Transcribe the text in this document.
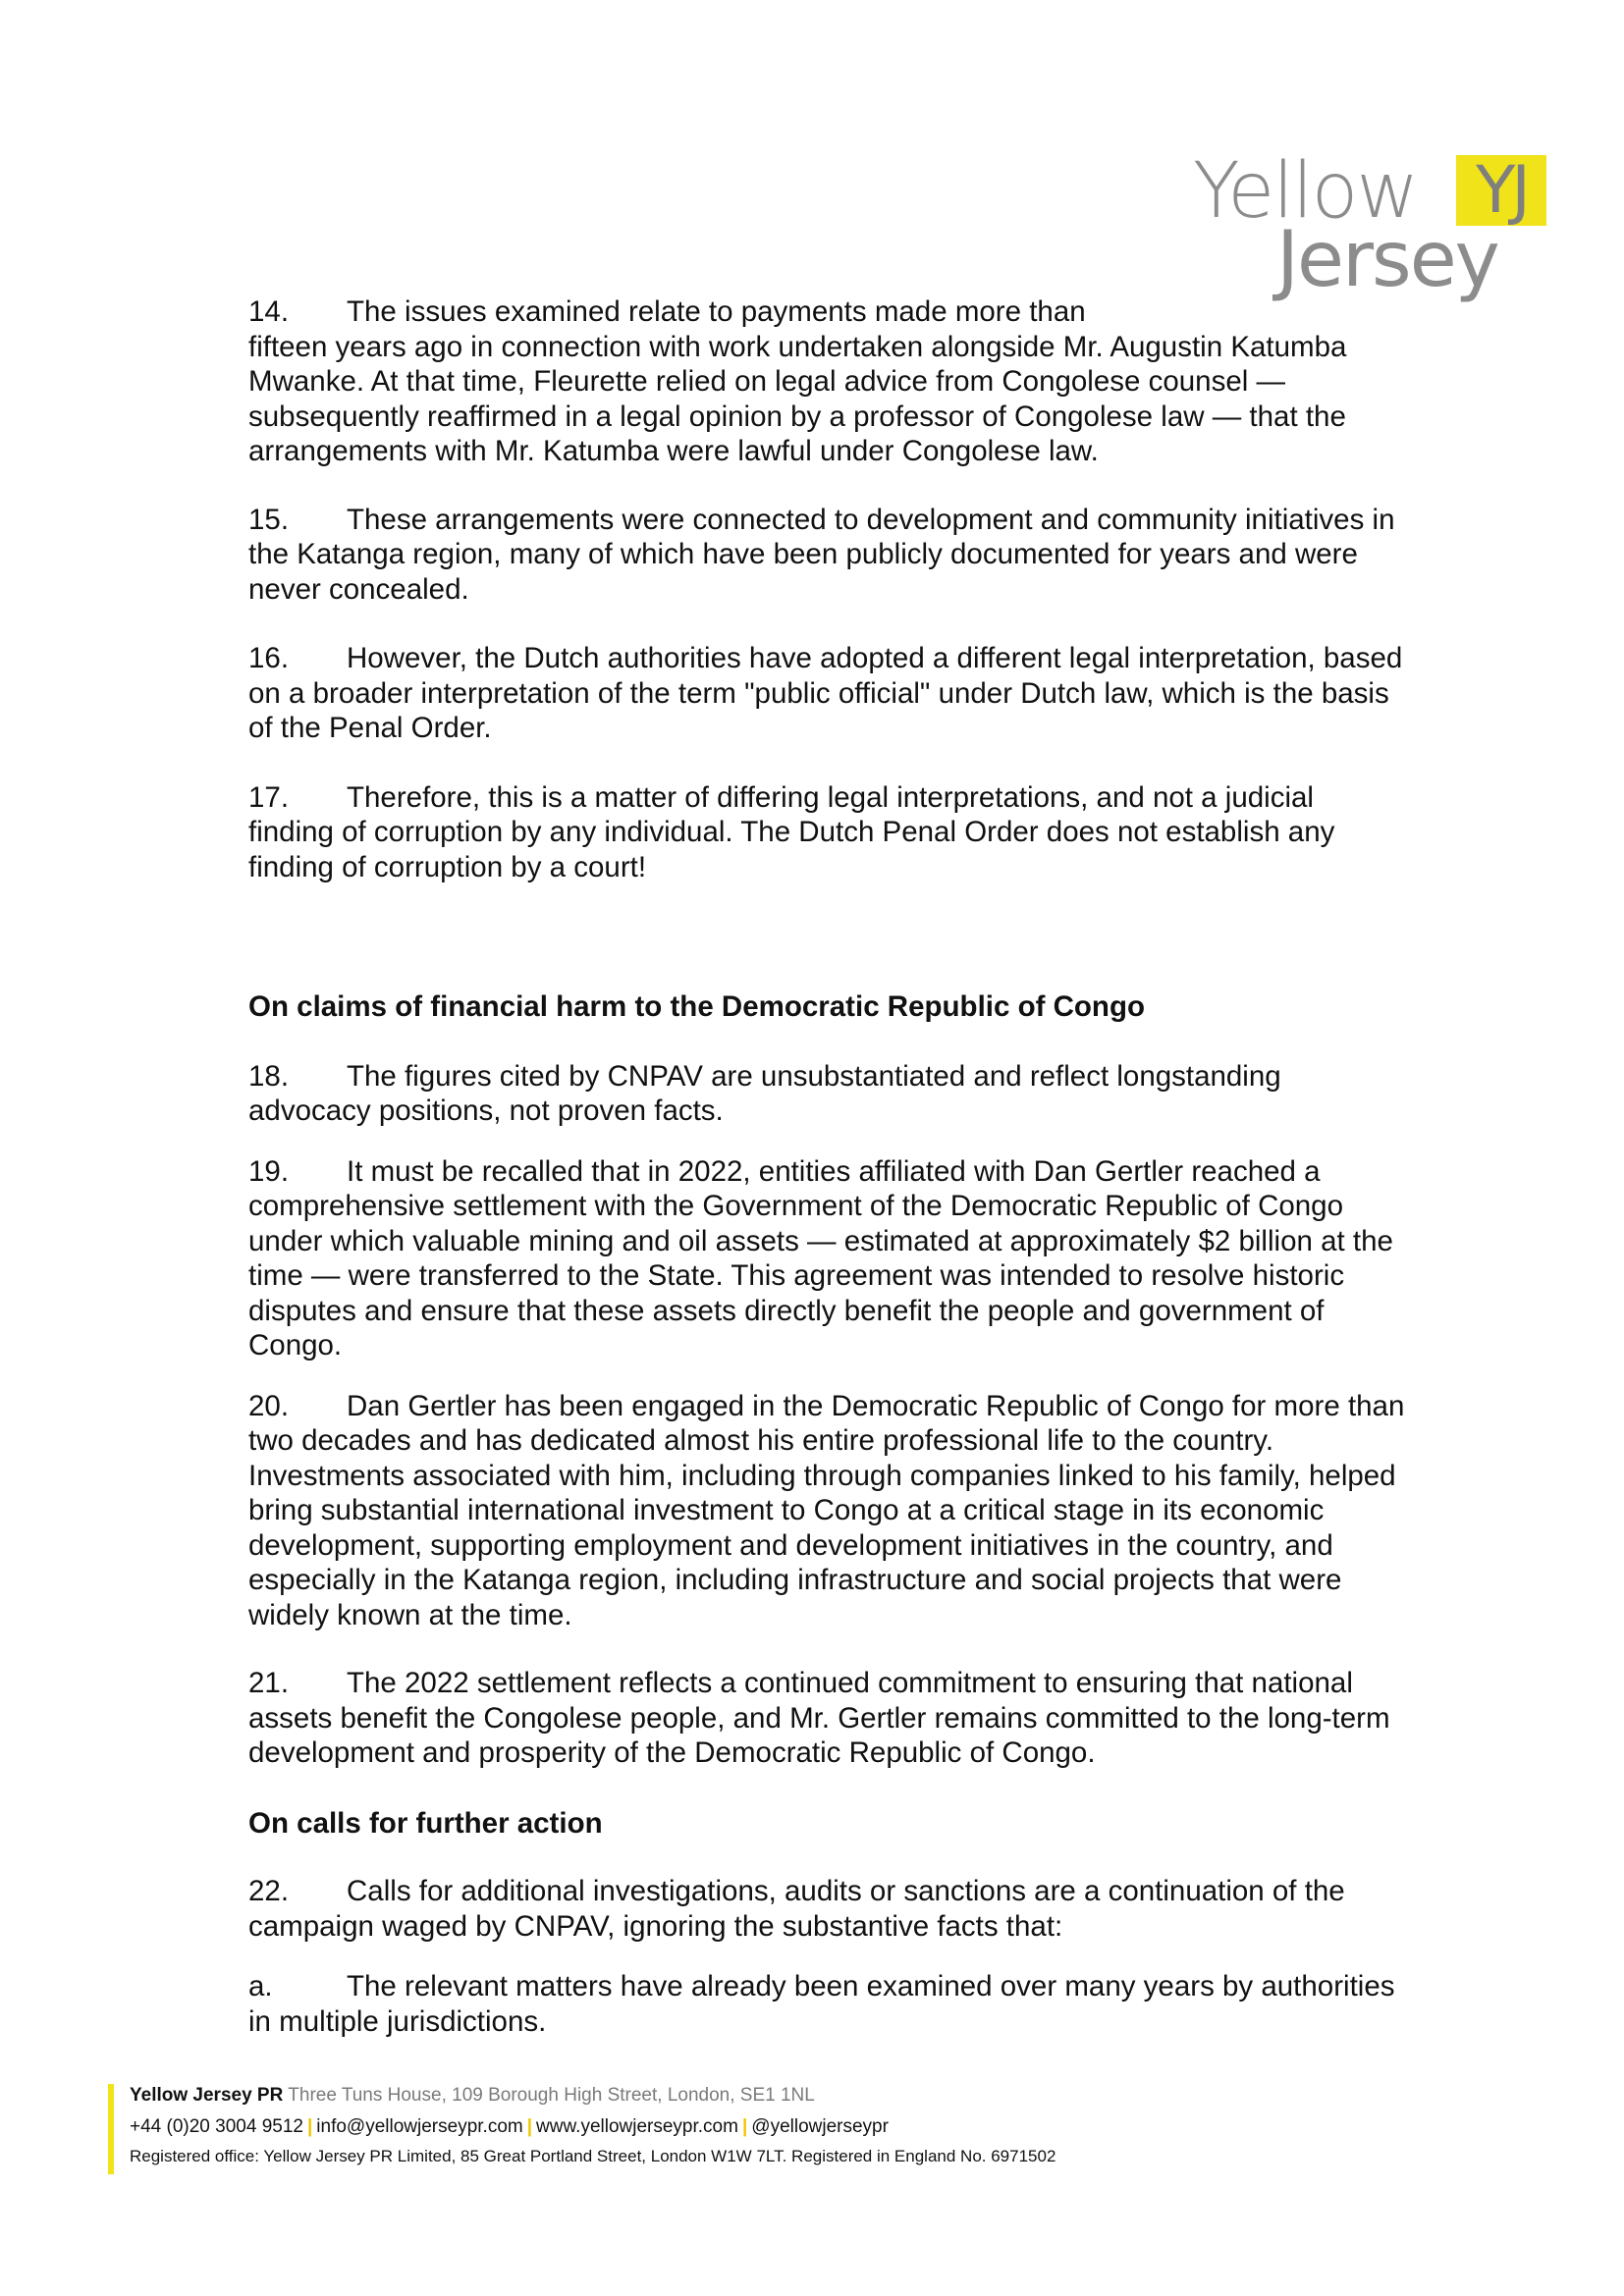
Yellow YJ
Jersey

14. The issues examined relate to payments made more than
fifteen years ago in connection with work undertaken alongside Mr. Augustin Katumba Mwanke. At that time, Fleurette relied on legal advice from Congolese counsel — subsequently reaffirmed in a legal opinion by a professor of Congolese law — that the arrangements with Mr. Katumba were lawful under Congolese law.

15. These arrangements were connected to development and community initiatives in the Katanga region, many of which have been publicly documented for years and were never concealed.

16. However, the Dutch authorities have adopted a different legal interpretation, based on a broader interpretation of the term "public official" under Dutch law, which is the basis of the Penal Order.

17. Therefore, this is a matter of differing legal interpretations, and not a judicial finding of corruption by any individual. The Dutch Penal Order does not establish any finding of corruption by a court!

On claims of financial harm to the Democratic Republic of Congo

18. The figures cited by CNPAV are unsubstantiated and reflect longstanding advocacy positions, not proven facts.

19. It must be recalled that in 2022, entities affiliated with Dan Gertler reached a comprehensive settlement with the Government of the Democratic Republic of Congo under which valuable mining and oil assets — estimated at approximately $2 billion at the time — were transferred to the State. This agreement was intended to resolve historic disputes and ensure that these assets directly benefit the people and government of Congo.

20. Dan Gertler has been engaged in the Democratic Republic of Congo for more than two decades and has dedicated almost his entire professional life to the country. Investments associated with him, including through companies linked to his family, helped bring substantial international investment to Congo at a critical stage in its economic development, supporting employment and development initiatives in the country, and especially in the Katanga region, including infrastructure and social projects that were widely known at the time.

21. The 2022 settlement reflects a continued commitment to ensuring that national assets benefit the Congolese people, and Mr. Gertler remains committed to the long-term development and prosperity of the Democratic Republic of Congo.

On calls for further action

22. Calls for additional investigations, audits or sanctions are a continuation of the campaign waged by CNPAV, ignoring the substantive facts that:

a.	The relevant matters have already been examined over many years by authorities in multiple jurisdictions.

Yellow Jersey PR Three Tuns House, 109 Borough High Street, London, SE1 1NL
+44 (0)20 3004 9512 | info@yellowjerseypr.com | www.yellowjerseypr.com | @yellowjerseypr
Registered office: Yellow Jersey PR Limited, 85 Great Portland Street, London W1W 7LT. Registered in England No. 6971502
